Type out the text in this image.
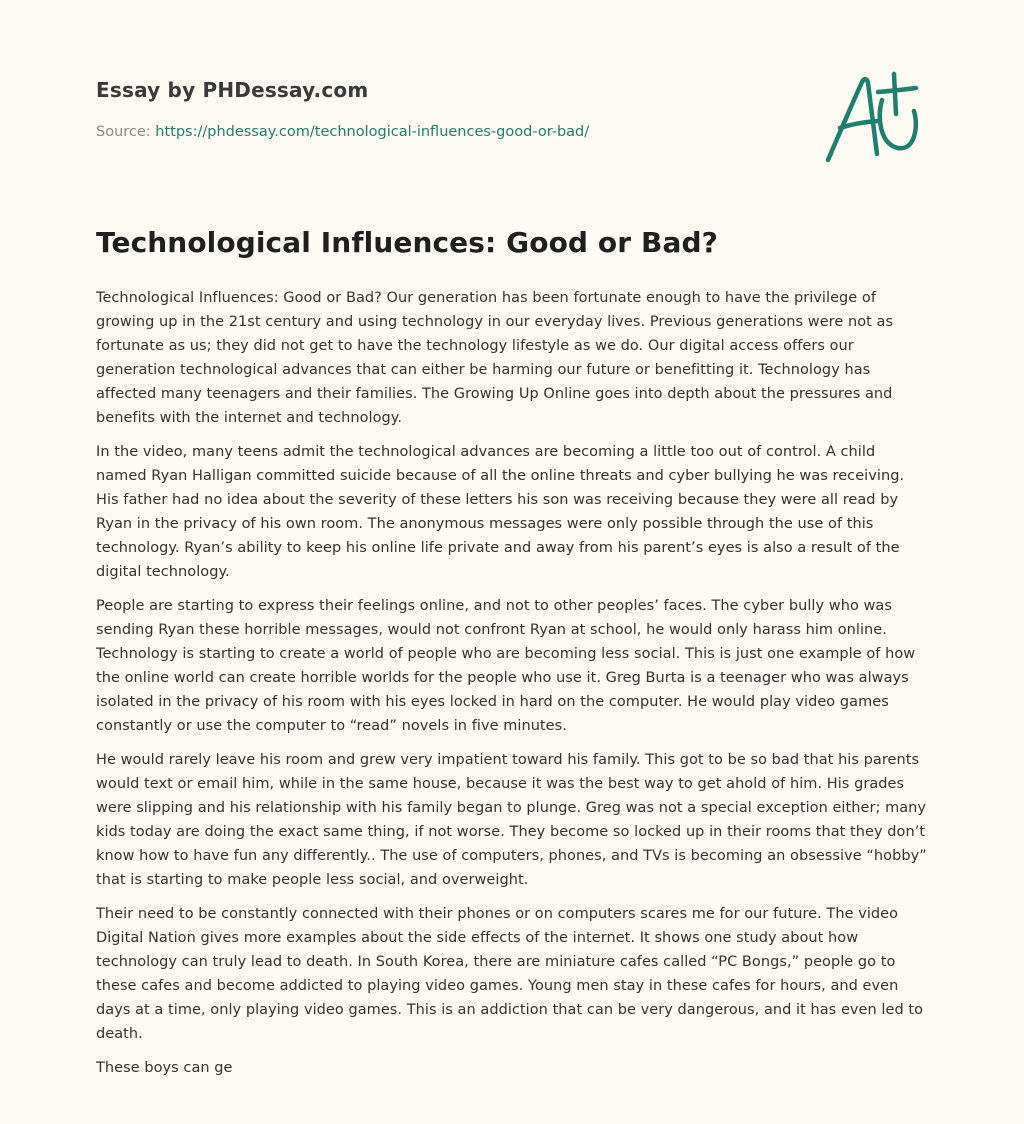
Essay by PHDessay.com
Source: https://phdessay.com/technological-influences-good-or-bad/
Technological Influences: Good or Bad?

Technological Influences: Good or Bad? Our generation has been fortunate enough to have the privilege of growing up in the 21st century and using technology in our everyday lives. Previous generations were not as fortunate as us; they did not get to have the technology lifestyle as we do. Our digital access offers our generation technological advances that can either be harming our future or benefitting it. Technology has affected many teenagers and their families. The Growing Up Online goes into depth about the pressures and benefits with the internet and technology.

In the video, many teens admit the technological advances are becoming a little too out of control. A child named Ryan Halligan committed suicide because of all the online threats and cyber bullying he was receiving. His father had no idea about the severity of these letters his son was receiving because they were all read by Ryan in the privacy of his own room. The anonymous messages were only possible through the use of this technology. Ryan’s ability to keep his online life private and away from his parent’s eyes is also a result of the digital technology.

People are starting to express their feelings online, and not to other peoples’ faces. The cyber bully who was sending Ryan these horrible messages, would not confront Ryan at school, he would only harass him online. Technology is starting to create a world of people who are becoming less social. This is just one example of how the online world can create horrible worlds for the people who use it. Greg Burta is a teenager who was always isolated in the privacy of his room with his eyes locked in hard on the computer. He would play video games constantly or use the computer to “read” novels in five minutes.

He would rarely leave his room and grew very impatient toward his family. This got to be so bad that his parents would text or email him, while in the same house, because it was the best way to get ahold of him. His grades were slipping and his relationship with his family began to plunge. Greg was not a special exception either; many kids today are doing the exact same thing, if not worse. They become so locked up in their rooms that they don’t know how to have fun any differently.. The use of computers, phones, and TVs is becoming an obsessive “hobby” that is starting to make people less social, and overweight.

Their need to be constantly connected with their phones or on computers scares me for our future. The video Digital Nation gives more examples about the side effects of the internet. It shows one study about how technology can truly lead to death. In South Korea, there are miniature cafes called “PC Bongs,” people go to these cafes and become addicted to playing video games. Young men stay in these cafes for hours, and even days at a time, only playing video games. This is an addiction that can be very dangerous, and it has even led to death.

These boys can ge
